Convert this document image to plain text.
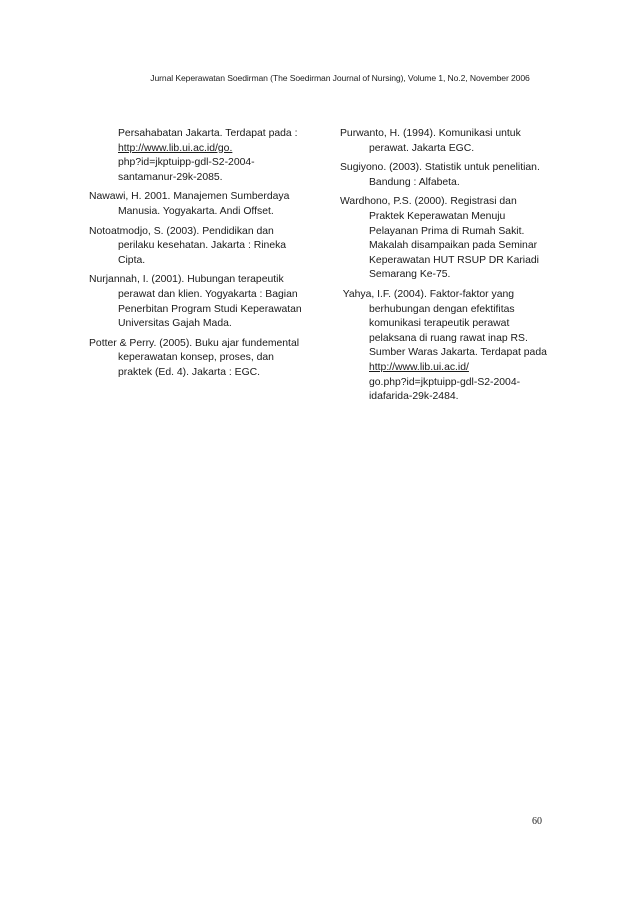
Jurnal Keperawatan Soedirman (The Soedirman Journal of Nursing), Volume 1, No.2, November 2006

Persahabatan Jakarta. Terdapat pada :
http://www.lib.ui.ac.id/go.
php?id=jkptuipp-gdl-S2-2004-
santamanur-29k-2085.

Nawawi, H. 2001. Manajemen Sumberdaya
Manusia. Yogyakarta. Andi Offset.

Notoatmodjo, S. (2003). Pendidikan dan
perilaku kesehatan. Jakarta : Rineka
Cipta.

Nurjannah, I. (2001). Hubungan terapeutik
perawat dan klien. Yogyakarta : Bagian
Penerbitan Program Studi Keperawatan
Universitas Gajah Mada.

Potter & Perry. (2005). Buku ajar fundemental
keperawatan konsep, proses, dan
praktek (Ed. 4). Jakarta : EGC.

Purwanto, H. (1994). Komunikasi untuk
perawat. Jakarta EGC.

Sugiyono. (2003). Statistik untuk penelitian.
Bandung : Alfabeta.

Wardhono, P.S. (2000). Registrasi dan
Praktek Keperawatan Menuju
Pelayanan Prima di Rumah Sakit.
Makalah disampaikan pada Seminar
Keperawatan HUT RSUP DR Kariadi
Semarang Ke-75.

Yahya, I.F. (2004). Faktor-faktor yang
berhubungan dengan efektifitas
komunikasi terapeutik perawat
pelaksana di ruang rawat inap RS.
Sumber Waras Jakarta. Terdapat pada
http://www.lib.ui.ac.id/
go.php?id=jkptuipp-gdl-S2-2004-
idafarida-29k-2484.

60
